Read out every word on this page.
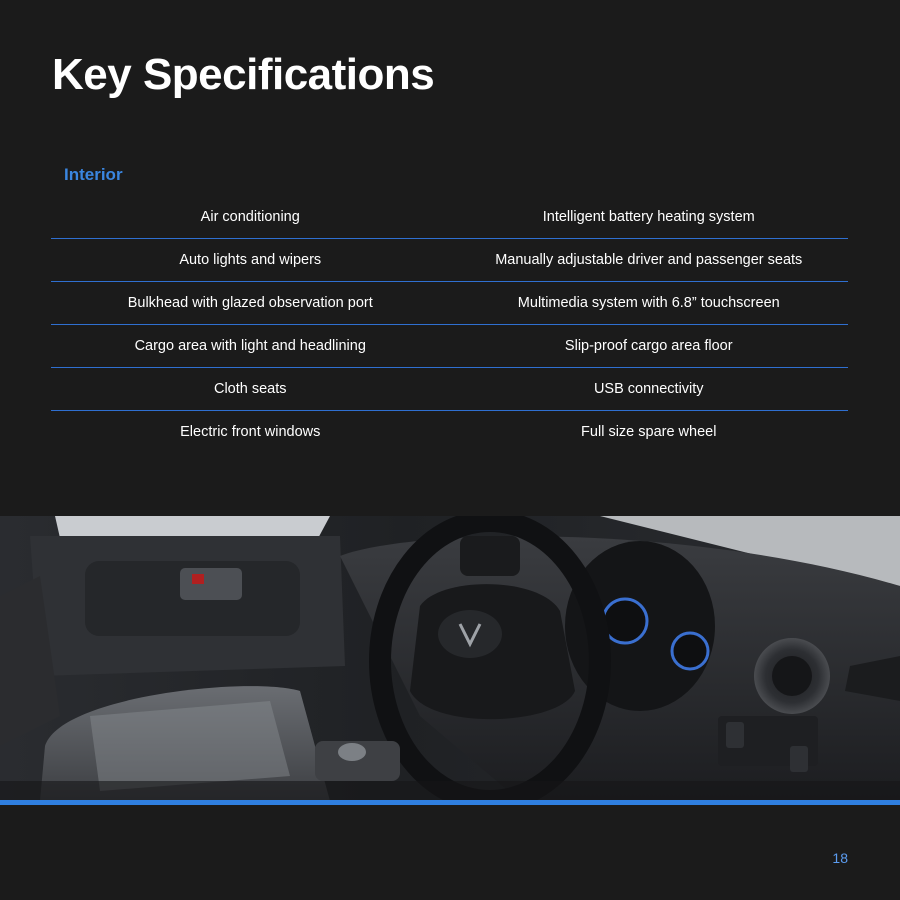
Key Specifications
Interior
Air conditioning	Intelligent battery heating system
Auto lights and wipers	Manually adjustable driver and passenger seats
Bulkhead with glazed observation port	Multimedia system with 6.8” touchscreen
Cargo area with light and headlining	Slip-proof cargo area floor
Cloth seats	USB connectivity
Electric front windows	Full size spare wheel
18
